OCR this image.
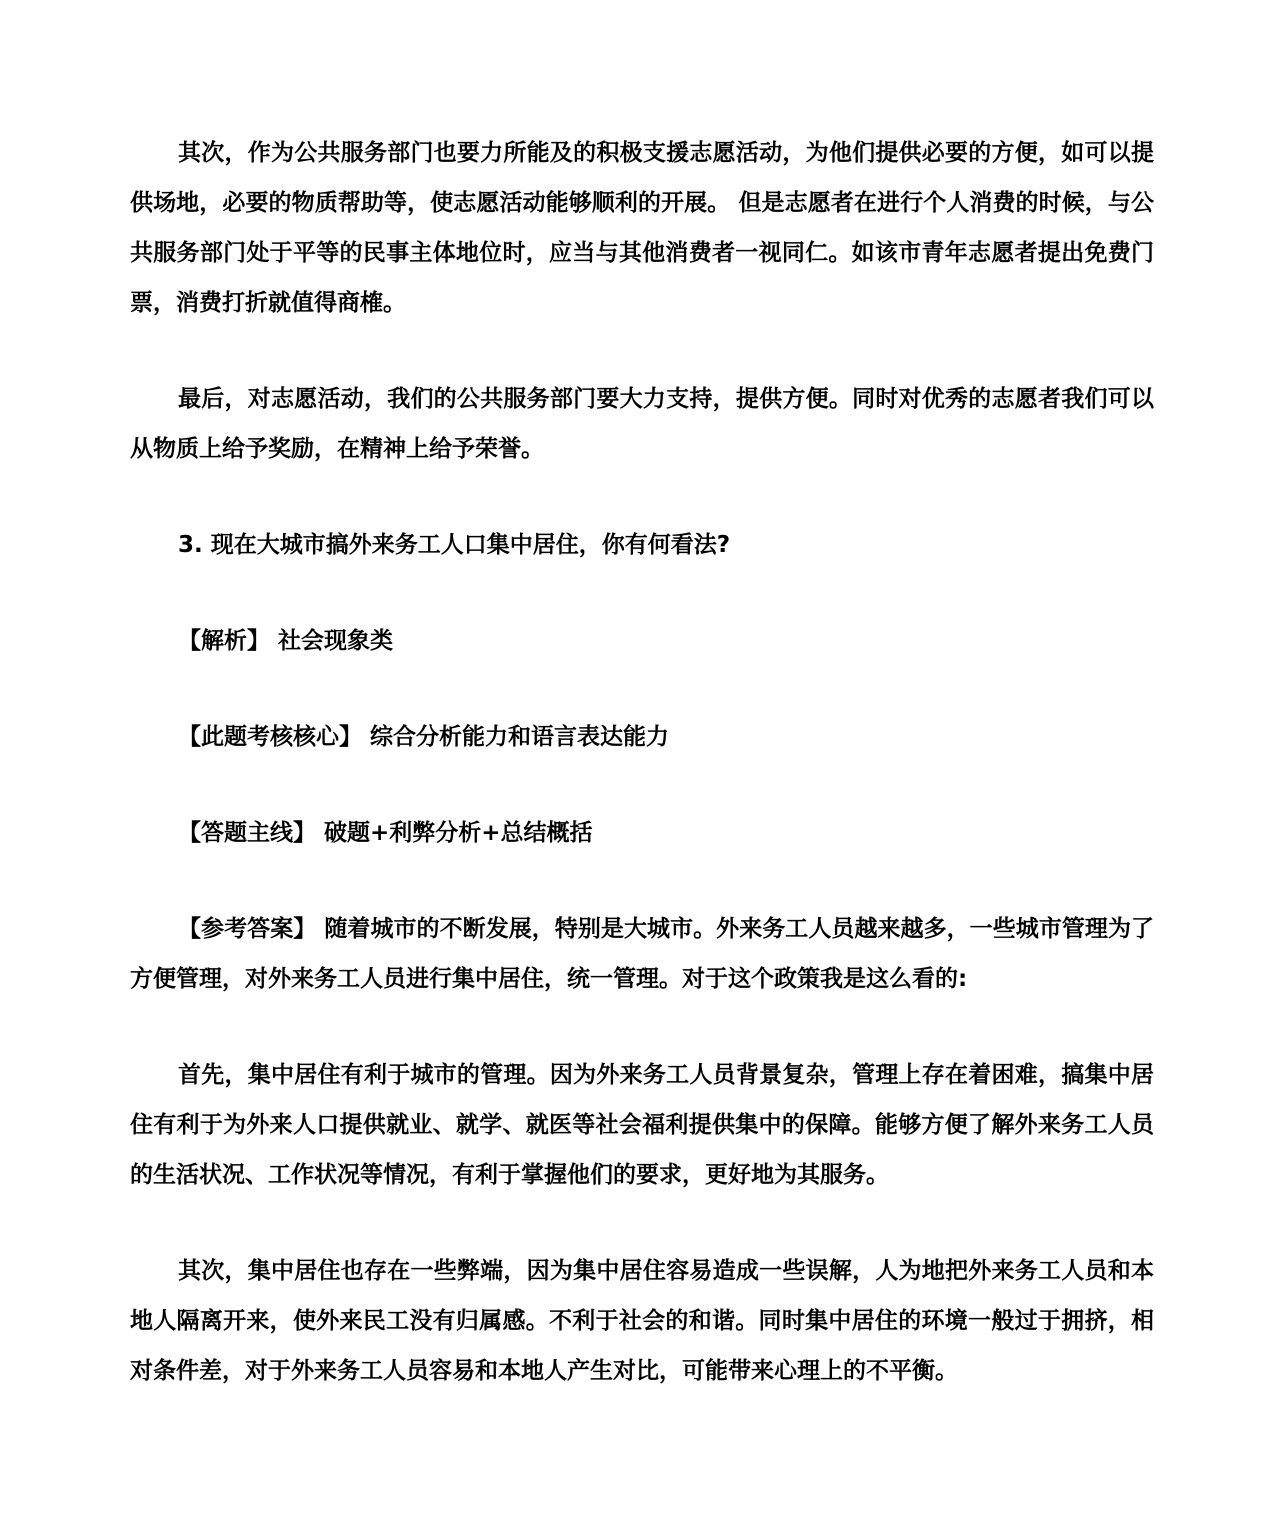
其次，作为公共服务部门也要力所能及的积极支援志愿活动，为他们提供必要的方便，如可以提供场地，必要的物质帮助等，使志愿活动能够顺利的开展。 但是志愿者在进行个人消费的时候，与公共服务部门处于平等的民事主体地位时，应当与其他消费者一视同仁。如该市青年志愿者提出免费门票，消费打折就值得商榷。

最后，对志愿活动，我们的公共服务部门要大力支持，提供方便。同时对优秀的志愿者我们可以从物质上给予奖励，在精神上给予荣誉。

3. 现在大城市搞外来务工人口集中居住，你有何看法?

【解析】 社会现象类

【此题考核核心】 综合分析能力和语言表达能力

【答题主线】 破题+利弊分析+总结概括

【参考答案】 随着城市的不断发展，特别是大城市。外来务工人员越来越多，一些城市管理为了方便管理，对外来务工人员进行集中居住，统一管理。对于这个政策我是这么看的:

首先，集中居住有利于城市的管理。因为外来务工人员背景复杂，管理上存在着困难，搞集中居住有利于为外来人口提供就业、就学、就医等社会福利提供集中的保障。能够方便了解外来务工人员的生活状况、工作状况等情况，有利于掌握他们的要求，更好地为其服务。

其次，集中居住也存在一些弊端，因为集中居住容易造成一些误解，人为地把外来务工人员和本地人隔离开来，使外来民工没有归属感。不利于社会的和谐。同时集中居住的环境一般过于拥挤，相对条件差，对于外来务工人员容易和本地人产生对比，可能带来心理上的不平衡。
